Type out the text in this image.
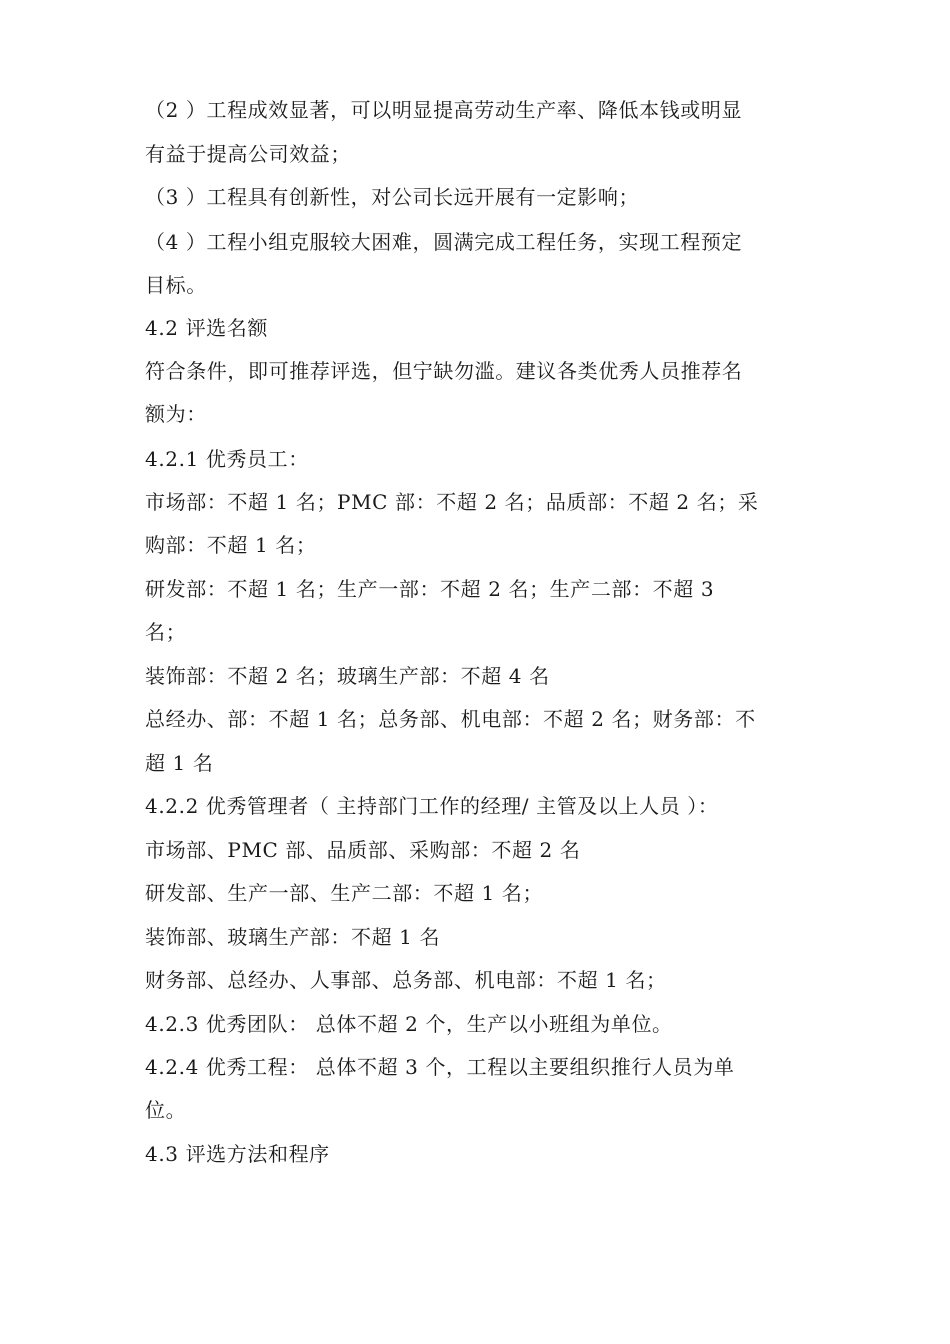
（2 ）工程成效显著，可以明显提高劳动生产率、降低本钱或明显
有益于提高公司效益；
（3 ）工程具有创新性，对公司长远开展有一定影响；
（4 ）工程小组克服较大困难，圆满完成工程任务，实现工程预定
目标。
4.2 评选名额
符合条件，即可推荐评选，但宁缺勿滥。建议各类优秀人员推荐名
额为：
4.2.1 优秀员工：
市场部：不超 1 名；PMC 部：不超 2 名；品质部：不超 2 名；采
购部：不超 1 名；
研发部：不超 1 名；生产一部：不超 2 名；生产二部：不超 3
名；
装饰部：不超 2 名；玻璃生产部：不超 4 名
总经办、部：不超 1 名；总务部、机电部：不超 2 名；财务部：不
超 1 名
4.2.2 优秀管理者（ 主持部门工作的经理/ 主管及以上人员 ）：
市场部、PMC 部、品质部、采购部：不超 2 名
研发部、生产一部、生产二部：不超 1 名；
装饰部、玻璃生产部：不超 1 名
财务部、总经办、人事部、总务部、机电部：不超 1 名；
4.2.3 优秀团队： 总体不超 2 个，生产以小班组为单位。
4.2.4 优秀工程： 总体不超 3 个，工程以主要组织推行人员为单
位。
4.3 评选方法和程序
